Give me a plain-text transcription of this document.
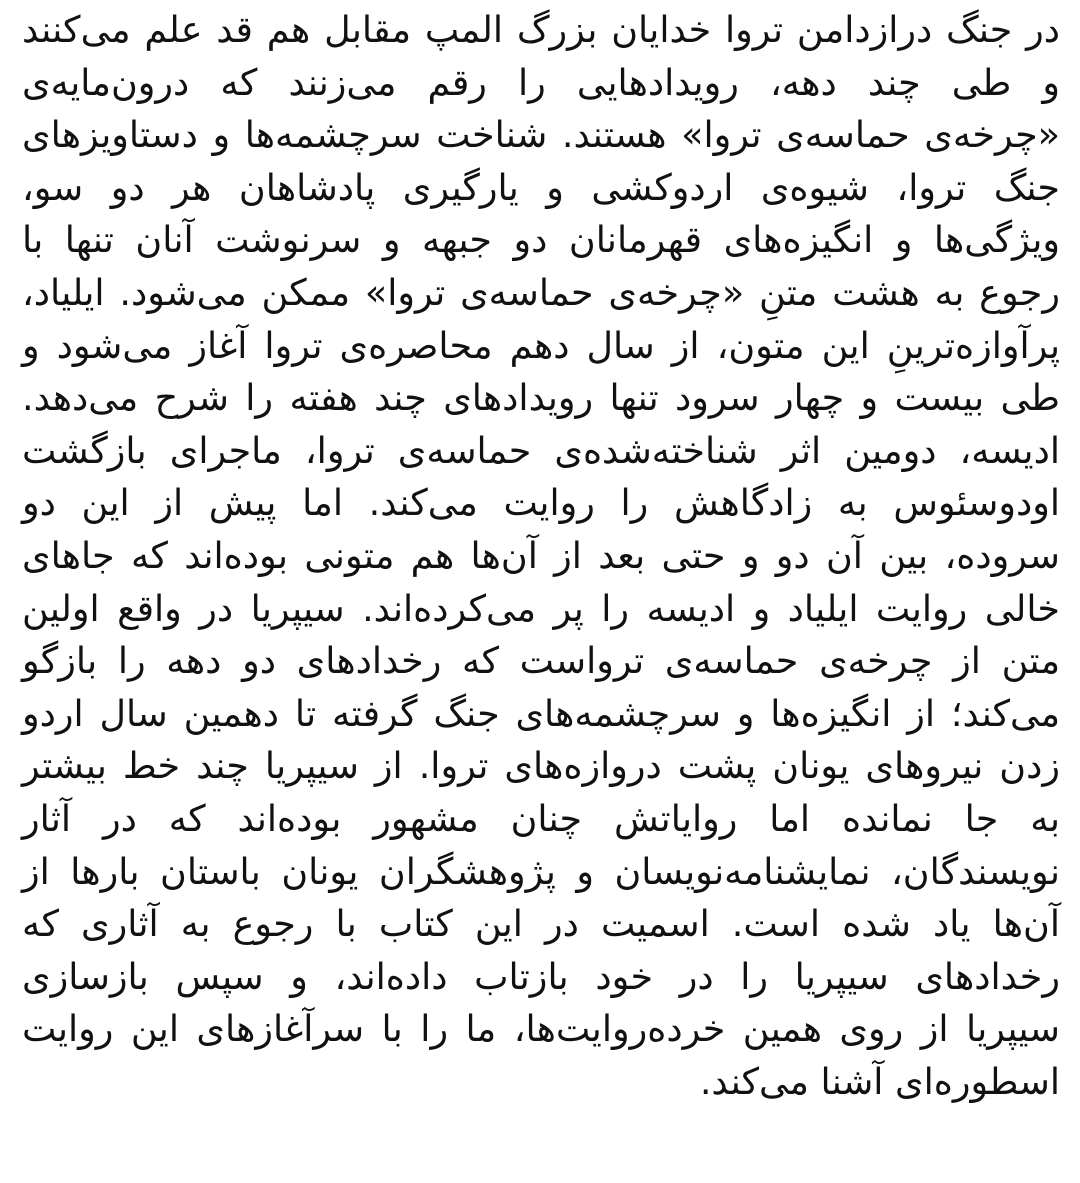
در جنگ درازدامن تروا خدایان بزرگ المپ مقابل هم قد علم می‌کنند
و طی چند دهه، رویدادهایی را رقم می‌زنند که درون‌مایه‌ی
«چرخه‌ی حماسه‌ی تروا» هستند. شناخت سرچشمه‌ها و دستاویزهای
جنگ تروا، شیوه‌ی اردوکشی و یارگیری پادشاهان هر دو سو،
ویژگی‌ها و انگیزه‌های قهرمانان دو جبهه و سرنوشت آنان تنها با
رجوع به هشت متنِ «چرخه‌ی حماسه‌ی تروا» ممکن می‌شود. ایلیاد،
پرآوازه‌ترینِ این متون، از سال دهم محاصره‌ی تروا آغاز می‌شود و
طی بیست و چهار سرود تنها رویدادهای چند هفته را شرح می‌دهد.
ادیسه، دومین اثر شناخته‌شده‌ی حماسه‌ی تروا، ماجرای بازگشت
اودوسئوس به زادگاهش را روایت می‌کند. اما پیش از این دو
سروده، بین آن دو و حتی بعد از آن‌ها هم متونی بوده‌اند که جاهای
خالی روایت ایلیاد و ادیسه را پر می‌کرده‌اند. سیپریا در واقع اولین
متن از چرخه‌ی حماسه‌ی ترواست که رخدادهای دو دهه را بازگو
می‌کند؛ از انگیزه‌ها و سرچشمه‌های جنگ گرفته تا دهمین سال اردو
زدن نیروهای یونان پشت دروازه‌های تروا. از سیپریا چند خط بیشتر
به جا نمانده اما روایاتش چنان مشهور بوده‌اند که در آثار
نویسندگان، نمایشنامه‌نویسان و پژوهشگران یونان باستان بارها از
آن‌ها یاد شده است. اسمیت در این کتاب با رجوع به آثاری که
رخدادهای سیپریا را در خود بازتاب داده‌اند، و سپس بازسازی
سیپریا از روی همین خرده‌روایت‌ها، ما را با سرآغازهای این روایت
اسطوره‌ای آشنا می‌کند.
